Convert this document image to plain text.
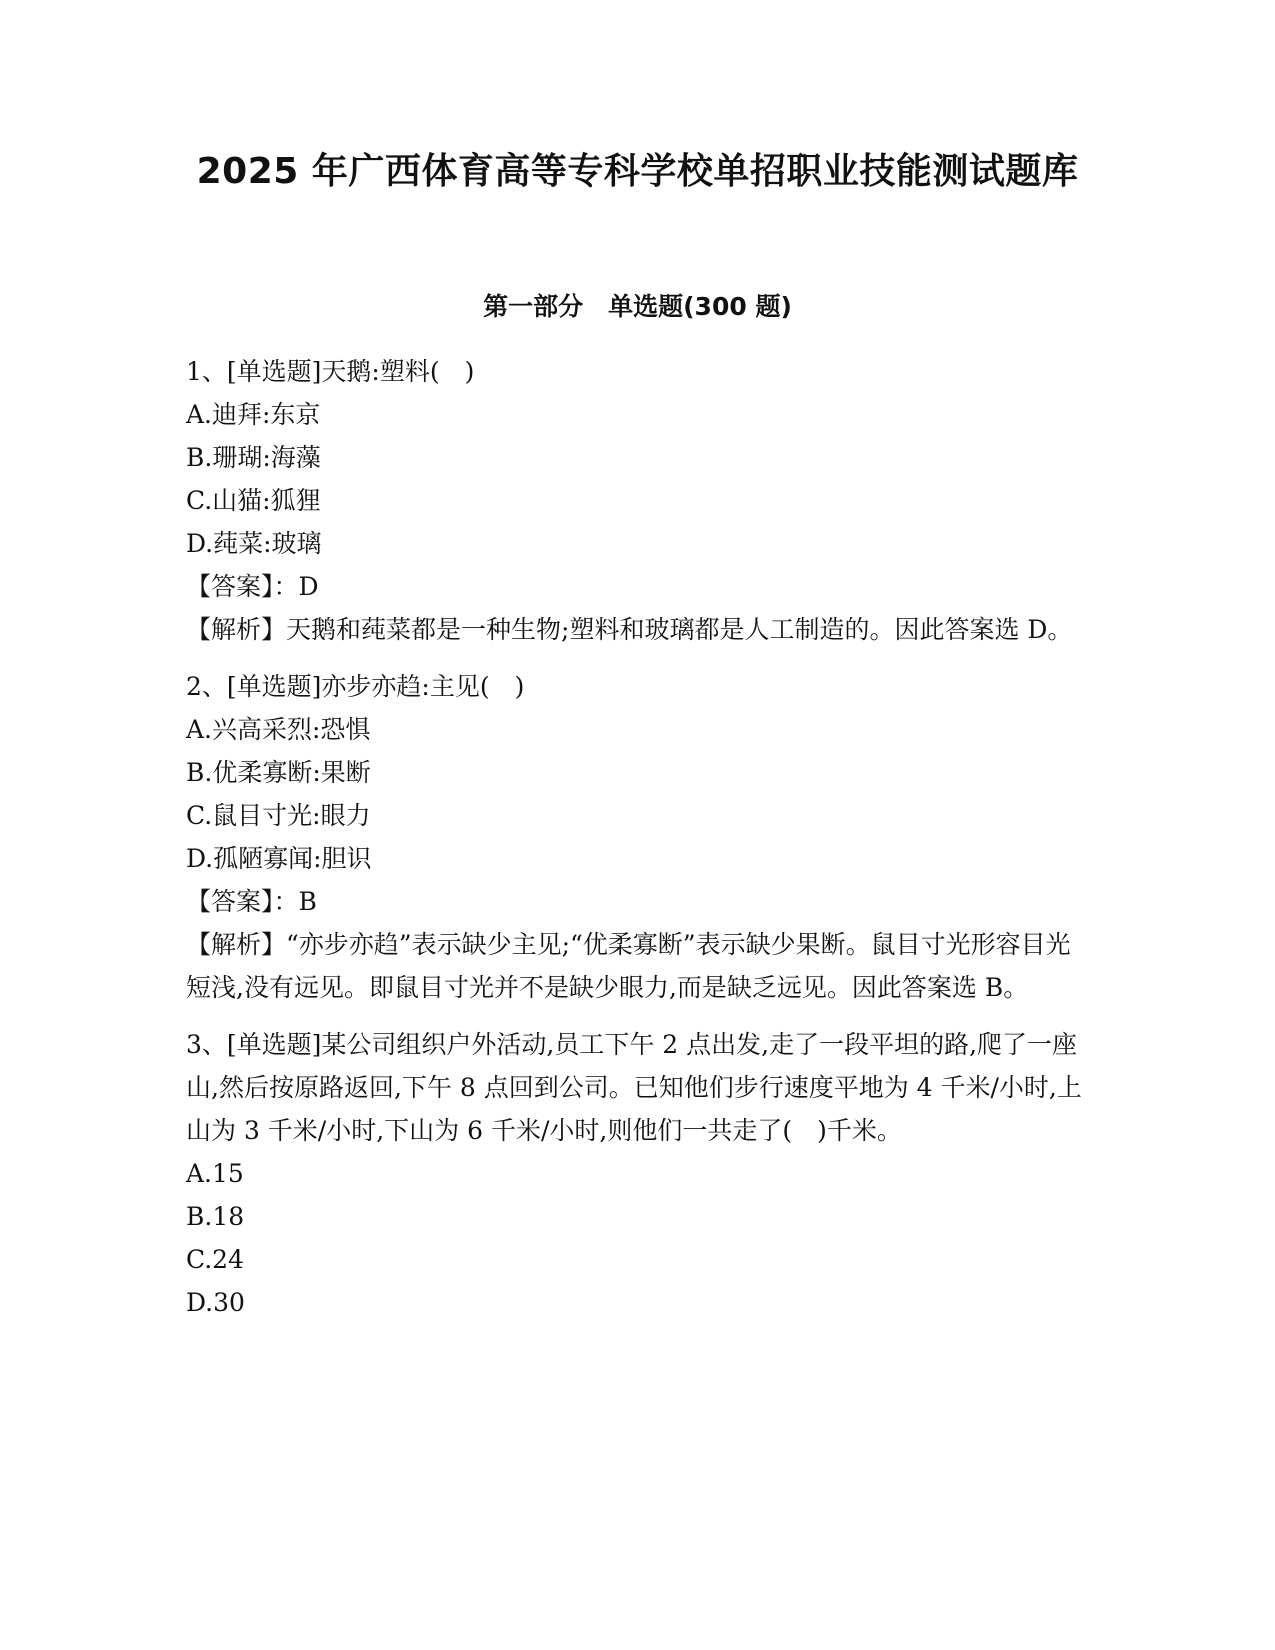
2025 年广西体育高等专科学校单招职业技能测试题库
第一部分　单选题(300 题)

1、[单选题]天鹅:塑料(　)

A.迪拜:东京

B.珊瑚:海藻

C.山猫:狐狸

D.莼菜:玻璃

【答案】：D

【解析】天鹅和莼菜都是一种生物;塑料和玻璃都是人工制造的。因此答案选 D。

2、[单选题]亦步亦趋:主见(　)

A.兴高采烈:恐惧

B.优柔寡断:果断

C.鼠目寸光:眼力

D.孤陋寡闻:胆识

【答案】：B

【解析】“亦步亦趋”表示缺少主见;“优柔寡断”表示缺少果断。鼠目寸光形容目光短浅,没有远见。即鼠目寸光并不是缺少眼力,而是缺乏远见。因此答案选 B。

3、[单选题]某公司组织户外活动,员工下午 2 点出发,走了一段平坦的路,爬了一座山,然后按原路返回,下午 8 点回到公司。已知他们步行速度平地为 4 千米/小时,上山为 3 千米/小时,下山为 6 千米/小时,则他们一共走了(　)千米。

A.15

B.18

C.24

D.30
